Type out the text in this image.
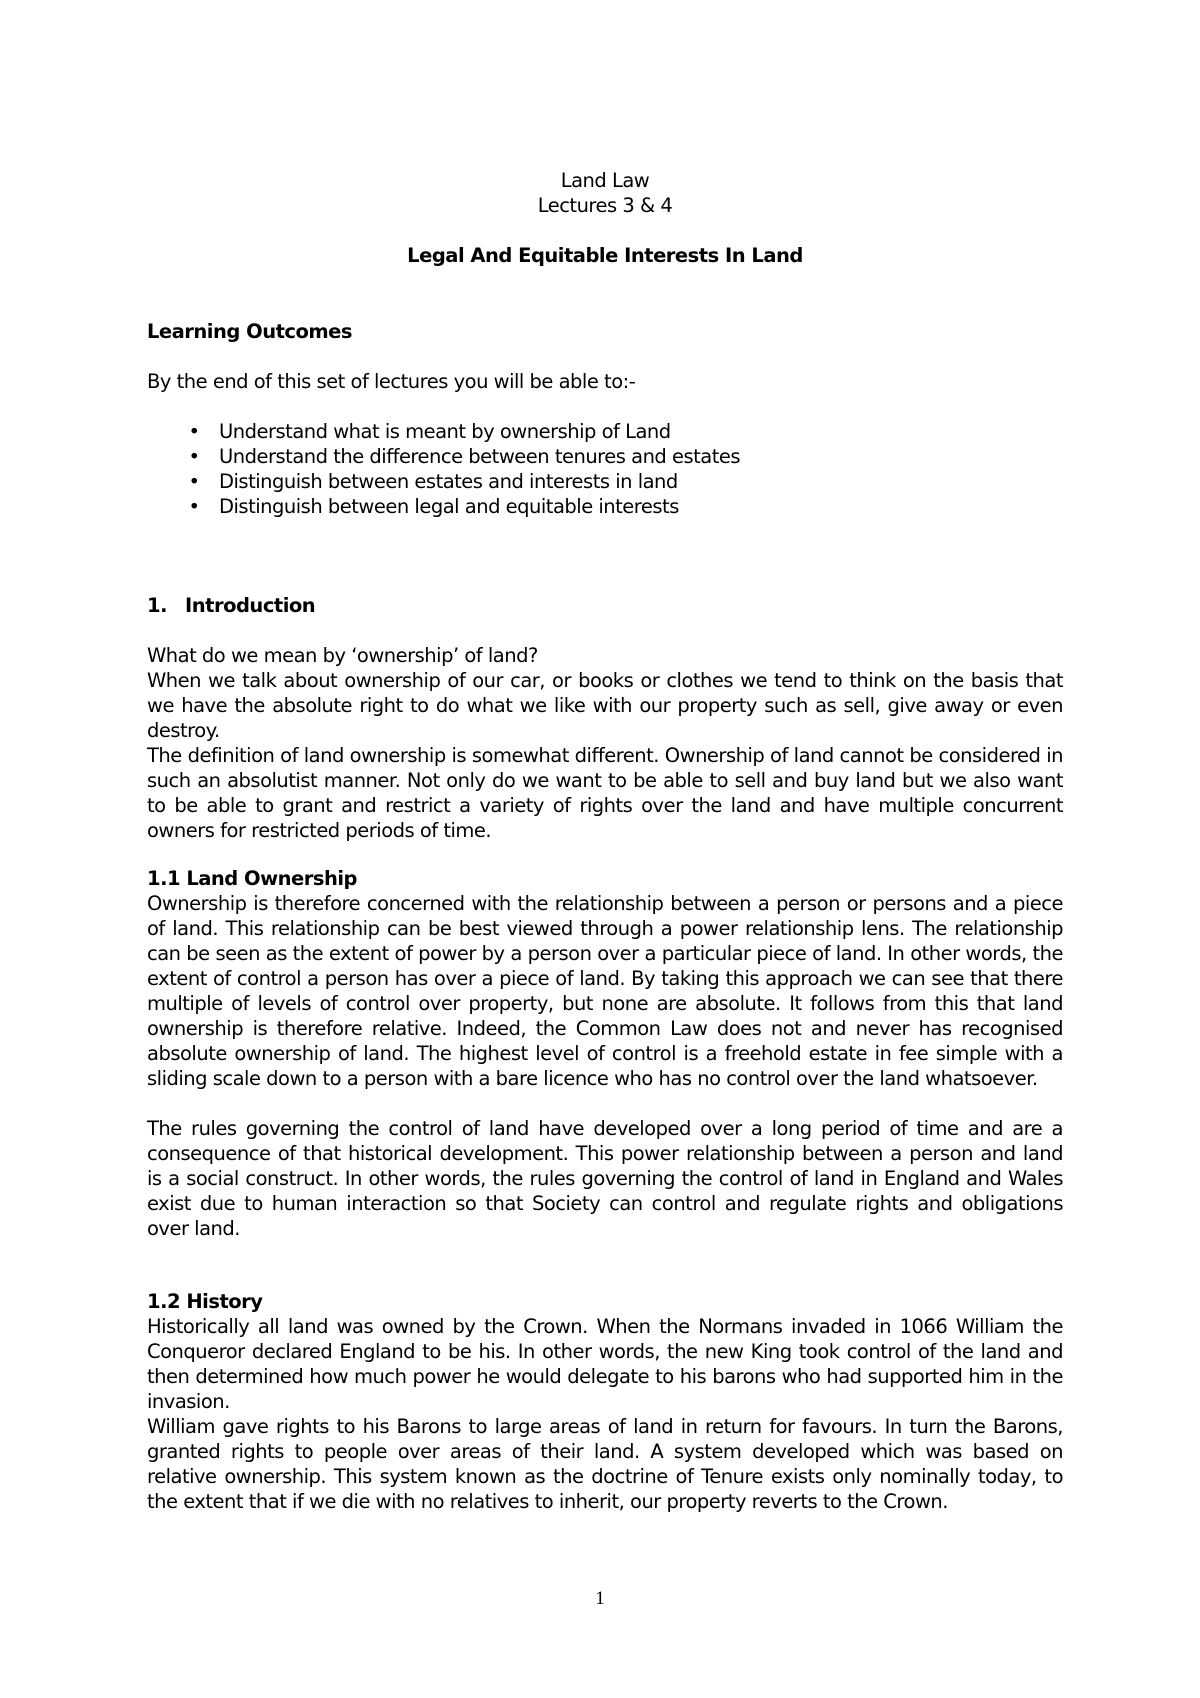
Land Law

Lectures 3 & 4

Legal And Equitable Interests In Land

Learning Outcomes

By the end of this set of lectures you will be able to:-

• Understand what is meant by ownership of Land
• Understand the difference between tenures and estates
• Distinguish between estates and interests in land
• Distinguish between legal and equitable interests

1. Introduction

What do we mean by ‘ownership’ of land?

When we talk about ownership of our car, or books or clothes we tend to think on the basis that we have the absolute right to do what we like with our property such as sell, give away or even destroy.

The definition of land ownership is somewhat different. Ownership of land cannot be considered in such an absolutist manner. Not only do we want to be able to sell and buy land but we also want to be able to grant and restrict a variety of rights over the land and have multiple concurrent owners for restricted periods of time.

1.1 Land Ownership

Ownership is therefore concerned with the relationship between a person or persons and a piece of land. This relationship can be best viewed through a power relationship lens. The relationship can be seen as the extent of power by a person over a particular piece of land. In other words, the extent of control a person has over a piece of land. By taking this approach we can see that there multiple of levels of control over property, but none are absolute. It follows from this that land ownership is therefore relative. Indeed, the Common Law does not and never has recognised absolute ownership of land. The highest level of control is a freehold estate in fee simple with a sliding scale down to a person with a bare licence who has no control over the land whatsoever.

The rules governing the control of land have developed over a long period of time and are a consequence of that historical development. This power relationship between a person and land is a social construct. In other words, the rules governing the control of land in England and Wales exist due to human interaction so that Society can control and regulate rights and obligations over land.

1.2 History

Historically all land was owned by the Crown. When the Normans invaded in 1066 William the Conqueror declared England to be his. In other words, the new King took control of the land and then determined how much power he would delegate to his barons who had supported him in the invasion.

William gave rights to his Barons to large areas of land in return for favours. In turn the Barons, granted rights to people over areas of their land. A system developed which was based on relative ownership. This system known as the doctrine of Tenure exists only nominally today, to the extent that if we die with no relatives to inherit, our property reverts to the Crown.

1
